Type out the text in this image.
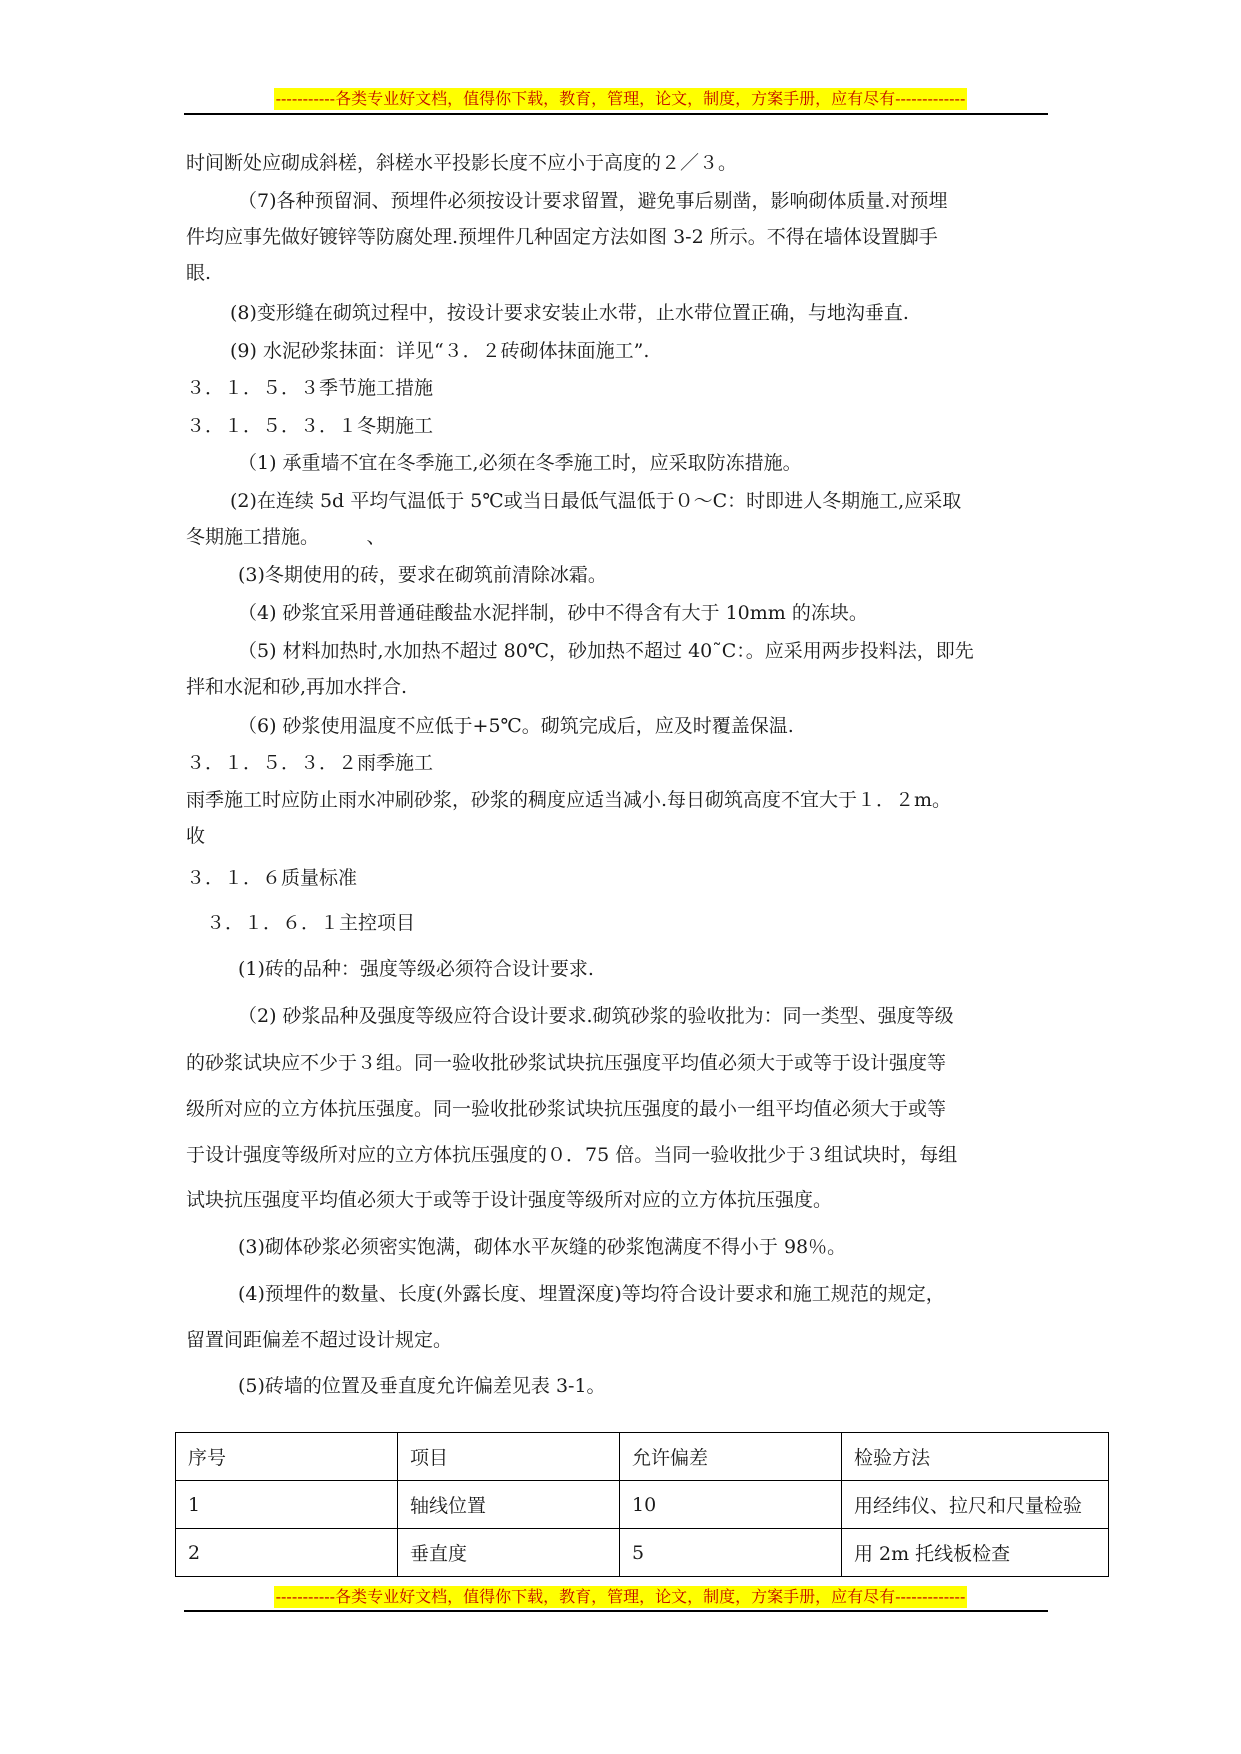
-----------各类专业好文档，值得你下载，教育，管理，论文，制度，方案手册，应有尽有-------------
时间断处应砌成斜槎，斜槎水平投影长度不应小于高度的２／３。
（7)各种预留洞、预埋件必须按设计要求留置，避免事后剔凿，影响砌体质量.对预埋
件均应事先做好镀锌等防腐处理.预埋件几种固定方法如图 3-2 所示。不得在墙体设置脚手
眼.
(8)变形缝在砌筑过程中，按设计要求安装止水带，止水带位置正确，与地沟垂直.
(9) 水泥砂浆抹面：详见“３．２砖砌体抹面施工”.
３．１．５．３季节施工措施
３．１．５．３．１冬期施工
（1) 承重墙不宜在冬季施工,必须在冬季施工时，应采取防冻措施。
(2)在连续 5d 平均气温低于 5℃或当日最低气温低于０～C：时即进人冬期施工,应采取
冬期施工措施。　　　、
(3)冬期使用的砖，要求在砌筑前清除冰霜。
（4) 砂浆宜采用普通硅酸盐水泥拌制，砂中不得含有大于 10mm 的冻块。
（5) 材料加热时,水加热不超过 80℃，砂加热不超过 40˜C：。应采用两步投料法，即先
拌和水泥和砂,再加水拌合.
（6) 砂浆使用温度不应低于+5℃。砌筑完成后，应及时覆盖保温.
３．１．５．３．２雨季施工
雨季施工时应防止雨水冲刷砂浆，砂浆的稠度应适当减小.每日砌筑高度不宜大于１．２m。
收
３．１．６质量标准
３．１．６．１主控项目
(1)砖的品种：强度等级必须符合设计要求.
（2) 砂浆品种及强度等级应符合设计要求.砌筑砂浆的验收批为：同一类型、强度等级
的砂浆试块应不少于３组。同一验收批砂浆试块抗压强度平均值必须大于或等于设计强度等
级所对应的立方体抗压强度。同一验收批砂浆试块抗压强度的最小一组平均值必须大于或等
于设计强度等级所对应的立方体抗压强度的０．75 倍。当同一验收批少于３组试块时，每组
试块抗压强度平均值必须大于或等于设计强度等级所对应的立方体抗压强度。
(3)砌体砂浆必须密实饱满，砌体水平灰缝的砂浆饱满度不得小于 98％。
(4)预埋件的数量、长度(外露长度、埋置深度)等均符合设计要求和施工规范的规定，
留置间距偏差不超过设计规定。
(5)砖墙的位置及垂直度允许偏差见表 3-1。
序号	项目	允许偏差	检验方法
1	轴线位置	10	用经纬仪、拉尺和尺量检验
2	垂直度	5	用 2m 托线板检查
-----------各类专业好文档，值得你下载，教育，管理，论文，制度，方案手册，应有尽有-------------
